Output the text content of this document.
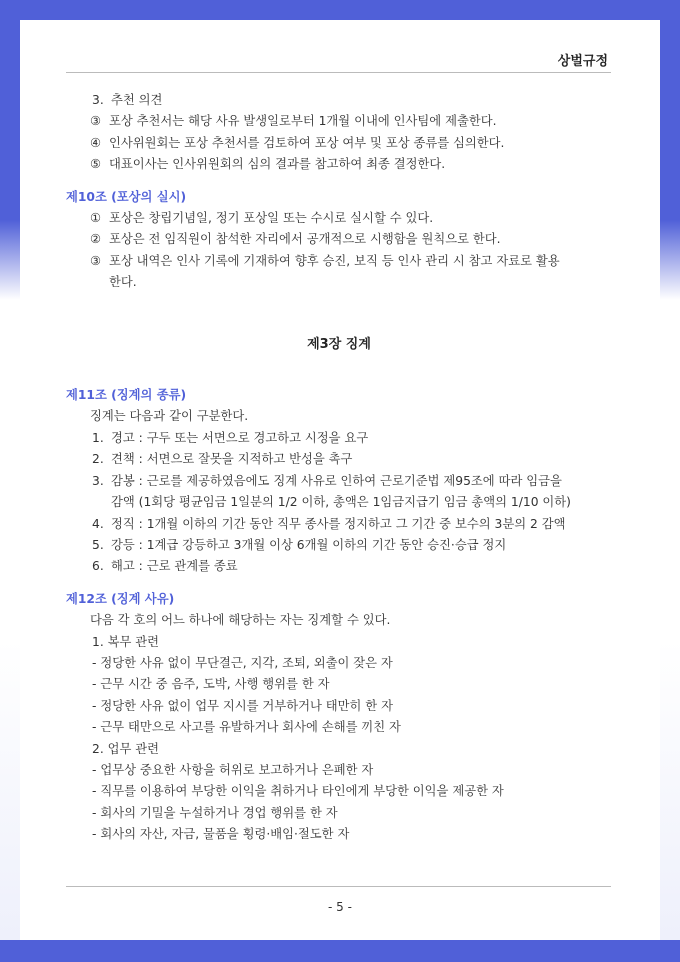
상벌규정
3. 추천 의견
③ 포상 추천서는 해당 사유 발생일로부터 1개월 이내에 인사팀에 제출한다.
④ 인사위원회는 포상 추천서를 검토하여 포상 여부 및 포상 종류를 심의한다.
⑤ 대표이사는 인사위원회의 심의 결과를 참고하여 최종 결정한다.
제10조 (포상의 실시)
① 포상은 창립기념일, 정기 포상일 또는 수시로 실시할 수 있다.
② 포상은 전 임직원이 참석한 자리에서 공개적으로 시행함을 원칙으로 한다.
③ 포상 내역은 인사 기록에 기재하여 향후 승진, 보직 등 인사 관리 시 참고 자료로 활용
한다.
제3장 징계
제11조 (징계의 종류)
징계는 다음과 같이 구분한다.
1. 경고 : 구두 또는 서면으로 경고하고 시정을 요구
2. 견책 : 서면으로 잘못을 지적하고 반성을 촉구
3. 감봉 : 근로를 제공하였음에도 징계 사유로 인하여 근로기준법 제95조에 따라 임금을
감액 (1회당 평균임금 1일분의 1/2 이하, 총액은 1임금지급기 임금 총액의 1/10 이하)
4. 정직 : 1개월 이하의 기간 동안 직무 종사를 정지하고 그 기간 중 보수의 3분의 2 감액
5. 강등 : 1계급 강등하고 3개월 이상 6개월 이하의 기간 동안 승진·승급 정지
6. 해고 : 근로 관계를 종료
제12조 (징계 사유)
다음 각 호의 어느 하나에 해당하는 자는 징계할 수 있다.
1. 복무 관련
- 정당한 사유 없이 무단결근, 지각, 조퇴, 외출이 잦은 자
- 근무 시간 중 음주, 도박, 사행 행위를 한 자
- 정당한 사유 없이 업무 지시를 거부하거나 태만히 한 자
- 근무 태만으로 사고를 유발하거나 회사에 손해를 끼친 자
2. 업무 관련
- 업무상 중요한 사항을 허위로 보고하거나 은폐한 자
- 직무를 이용하여 부당한 이익을 취하거나 타인에게 부당한 이익을 제공한 자
- 회사의 기밀을 누설하거나 경업 행위를 한 자
- 회사의 자산, 자금, 물품을 횡령·배임·절도한 자
- 5 -
